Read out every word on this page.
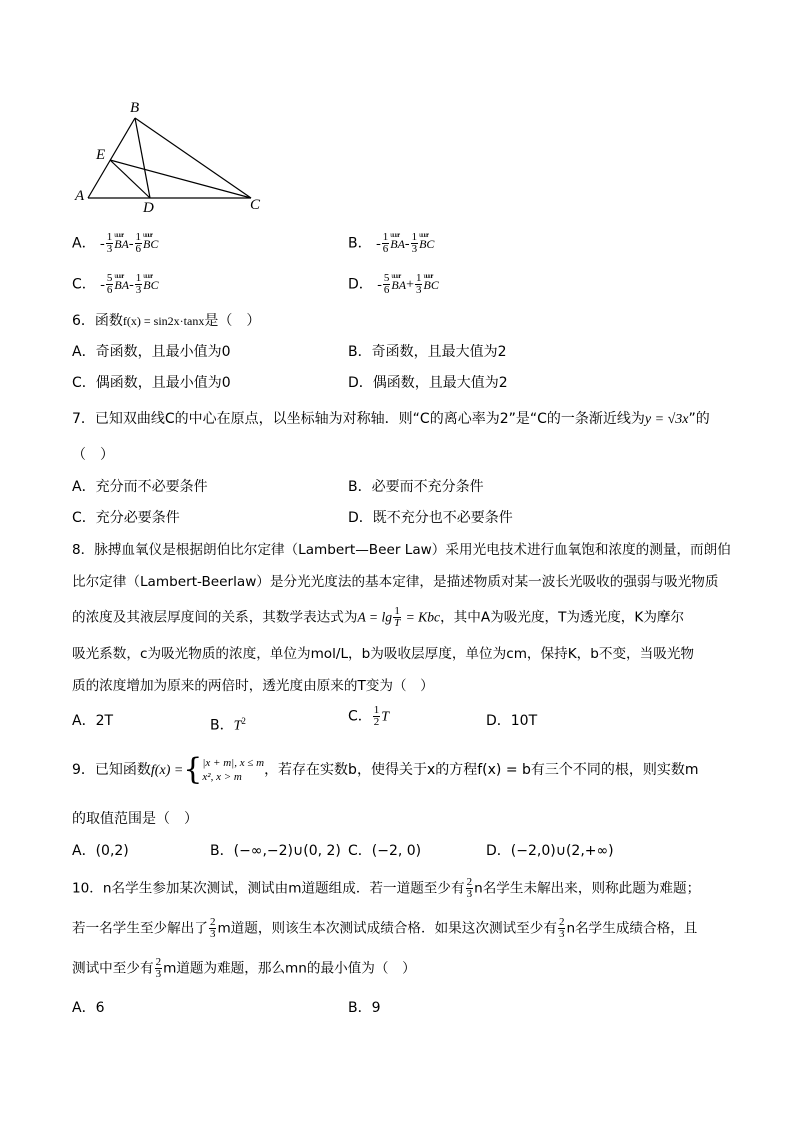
B
E
A
D	C
A． - $\frac{1}{3}$ uuu̴r
$BA- \frac{1}{6}$ uuu̴r
BC	B． - $\frac{1}{6}$ uuu̴r
$BA- \frac{1}{3}$ uuu̴r
BC
C． - $\frac{5}{6}$ uuu̴r
$BA- \frac{1}{3}$ uuu̴r
BC	D． - $\frac{5}{6}$ uuu̴r
$BA+ \frac{1}{3}$ uuu̴r
BC
6．函数f(x) = sin2x·tanx是（　）
A．奇函数，且最小值为0	B．奇函数，且最大值为2
C．偶函数，且最小值为0	D．偶函数，且最大值为2
7．已知双曲线C的中心在原点，以坐标轴为对称轴．则“C的离心率为2”是“C的一条渐近线为y = √3x”的
（　）
A．充分而不必要条件	B．必要而不充分条件
C．充分必要条件	D．既不充分也不必要条件
8．脉搏血氧仪是根据朗伯比尔定律（Lambert—Beer Law）采用光电技术进行血氧饱和浓度的测量，而朗伯
比尔定律（Lambert-Beerlaw）是分光光度法的基本定律，是描述物质对某一波长光吸收的强弱与吸光物质
的浓度及其液层厚度间的关系，其数学表达式为$A = \lg \frac{1}{T}$ = Kbc，其中A为吸光度，T为透光度，K为摩尔
吸光系数，c为吸光物质的浓度，单位为mol/L，b为吸收层厚度，单位为cm，保持K，b不变，当吸光物
质的浓度增加为原来的两倍时，透光度由原来的T变为（　）
A．2T	B．$T^2$	C． $\frac{1}{2}$ T	D．10T
9．已知函数f(x) ={ |x + m|, x ≤ m
x², x > m	，若存在实数b，使得关于x的方程f(x) = b有三个不同的根，则实数m
的取值范围是（　）
A．(0,2)	B．(−∞,−2)∪(0, 2) C．(−2, 0)	D．(−2,0)∪(2,+∞)
10．n名学生参加某次测试，测试由m道题组成．若一道题至少有 $\frac{2}{3}$ n名学生未解出来，则称此题为难题；
若一名学生至少解出了 $\frac{2}{3}$ m道题，则该生本次测试成绩合格．如果这次测试至少有 $\frac{2}{3}$ n名学生成绩合格，且
测试中至少有 $\frac{2}{3}$ m道题为难题，那么mn的最小值为（　）
A．6	B．9
